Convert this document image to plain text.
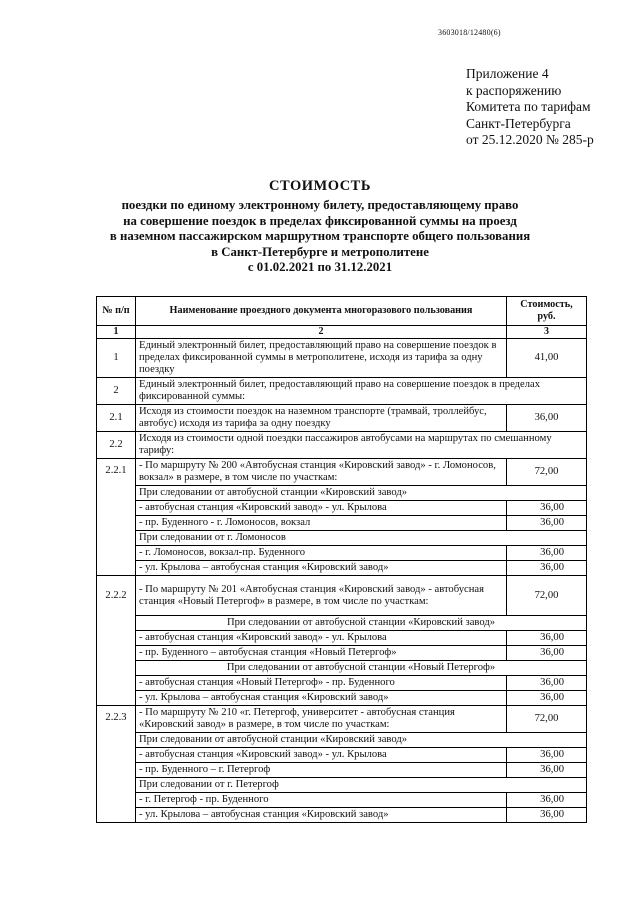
3603018/12480(6)
Приложение 4
к распоряжению
Комитета по тарифам
Санкт-Петербурга
от 25.12.2020 № 285-р
СТОИМОСТЬ
поездки по единому электронному билету, предоставляющему право
на совершение поездок в пределах фиксированной суммы на проезд
в наземном пассажирском маршрутном транспорте общего пользования
в Санкт-Петербурге и метрополитене
с 01.02.2021 по 31.12.2021
№ п/п	Наименование проездного документа многоразового пользования	Стоимость, руб.
1	2	3
1	Единый электронный билет, предоставляющий право на совершение поездок в пределах фиксированной суммы в метрополитене, исходя из тарифа за одну поездку	41,00
2	Единый электронный билет, предоставляющий право на совершение поездок в пределах фиксированной суммы:	
2.1	Исходя из стоимости поездок на наземном транспорте (трамвай, троллейбус, автобус) исходя из тарифа за одну поездку	36,00
2.2	Исходя из стоимости одной поездки пассажиров автобусами на маршрутах по смешанному тарифу:	
2.2.1	- По маршруту № 200 «Автобусная станция «Кировский завод» - г. Ломоносов, вокзал» в размере, в том числе по участкам:	72,00
	При следовании от автобусной станции «Кировский завод»	
	- автобусная станция «Кировский завод» - ул. Крылова	36,00
	- пр. Буденного - г. Ломоносов, вокзал	36,00
	При следовании от г. Ломоносов	
	- г. Ломоносов, вокзал-пр. Буденного	36,00
	- ул. Крылова – автобусная станция «Кировский завод»	36,00
2.2.2	- По маршруту № 201 «Автобусная станция «Кировский завод» - автобусная станция «Новый Петергоф» в размере, в том числе по участкам:	72,00
	При следовании от автобусной станции «Кировский завод»	
	- автобусная станция «Кировский завод» - ул. Крылова	36,00
	- пр. Буденного – автобусная станция «Новый Петергоф»	36,00
	При следовании от автобусной станции «Новый Петергоф»	
	- автобусная станция «Новый Петергоф» - пр. Буденного	36,00
	- ул. Крылова – автобусная станция «Кировский завод»	36,00
2.2.3	- По маршруту № 210 «г. Петергоф, университет - автобусная станция «Кировский завод» в размере, в том числе по участкам:	72,00
	При следовании от автобусной станции «Кировский завод»	
	- автобусная станция «Кировский завод» - ул. Крылова	36,00
	- пр. Буденного – г. Петергоф	36,00
	При следовании от г. Петергоф	
	- г. Петергоф - пр. Буденного	36,00
	- ул. Крылова – автобусная станция «Кировский завод»	36,00
